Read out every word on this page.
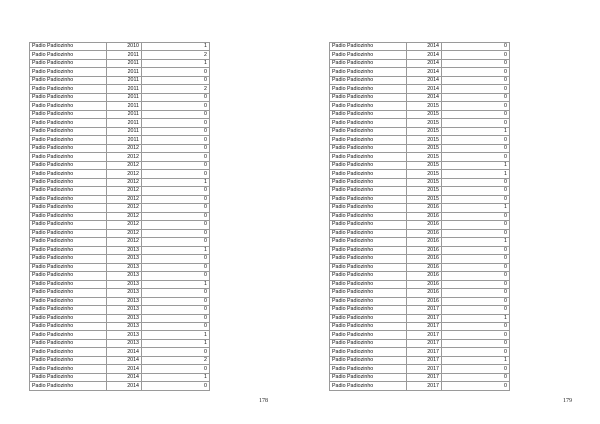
Padio Padiozinho	2010	1
Padio Padiozinho	2011	2
Padio Padiozinho	2011	1
Padio Padiozinho	2011	0
Padio Padiozinho	2011	0
Padio Padiozinho	2011	2
Padio Padiozinho	2011	0
Padio Padiozinho	2011	0
Padio Padiozinho	2011	0
Padio Padiozinho	2011	0
Padio Padiozinho	2011	0
Padio Padiozinho	2011	0
Padio Padiozinho	2012	0
Padio Padiozinho	2012	0
Padio Padiozinho	2012	0
Padio Padiozinho	2012	0
Padio Padiozinho	2012	1
Padio Padiozinho	2012	0
Padio Padiozinho	2012	0
Padio Padiozinho	2012	0
Padio Padiozinho	2012	0
Padio Padiozinho	2012	0
Padio Padiozinho	2012	0
Padio Padiozinho	2012	0
Padio Padiozinho	2013	1
Padio Padiozinho	2013	0
Padio Padiozinho	2013	0
Padio Padiozinho	2013	0
Padio Padiozinho	2013	1
Padio Padiozinho	2013	0
Padio Padiozinho	2013	0
Padio Padiozinho	2013	0
Padio Padiozinho	2013	0
Padio Padiozinho	2013	0
Padio Padiozinho	2013	1
Padio Padiozinho	2013	1
Padio Padiozinho	2014	0
Padio Padiozinho	2014	2
Padio Padiozinho	2014	0
Padio Padiozinho	2014	1
Padio Padiozinho	2014	0
178
Padio Padiozinho	2014	0
Padio Padiozinho	2014	0
Padio Padiozinho	2014	0
Padio Padiozinho	2014	0
Padio Padiozinho	2014	0
Padio Padiozinho	2014	0
Padio Padiozinho	2014	0
Padio Padiozinho	2015	0
Padio Padiozinho	2015	0
Padio Padiozinho	2015	0
Padio Padiozinho	2015	1
Padio Padiozinho	2015	0
Padio Padiozinho	2015	0
Padio Padiozinho	2015	0
Padio Padiozinho	2015	1
Padio Padiozinho	2015	1
Padio Padiozinho	2015	0
Padio Padiozinho	2015	0
Padio Padiozinho	2015	0
Padio Padiozinho	2016	1
Padio Padiozinho	2016	0
Padio Padiozinho	2016	0
Padio Padiozinho	2016	0
Padio Padiozinho	2016	1
Padio Padiozinho	2016	0
Padio Padiozinho	2016	0
Padio Padiozinho	2016	0
Padio Padiozinho	2016	0
Padio Padiozinho	2016	0
Padio Padiozinho	2016	0
Padio Padiozinho	2016	0
Padio Padiozinho	2017	0
Padio Padiozinho	2017	1
Padio Padiozinho	2017	0
Padio Padiozinho	2017	0
Padio Padiozinho	2017	0
Padio Padiozinho	2017	0
Padio Padiozinho	2017	1
Padio Padiozinho	2017	0
Padio Padiozinho	2017	0
Padio Padiozinho	2017	0
179
